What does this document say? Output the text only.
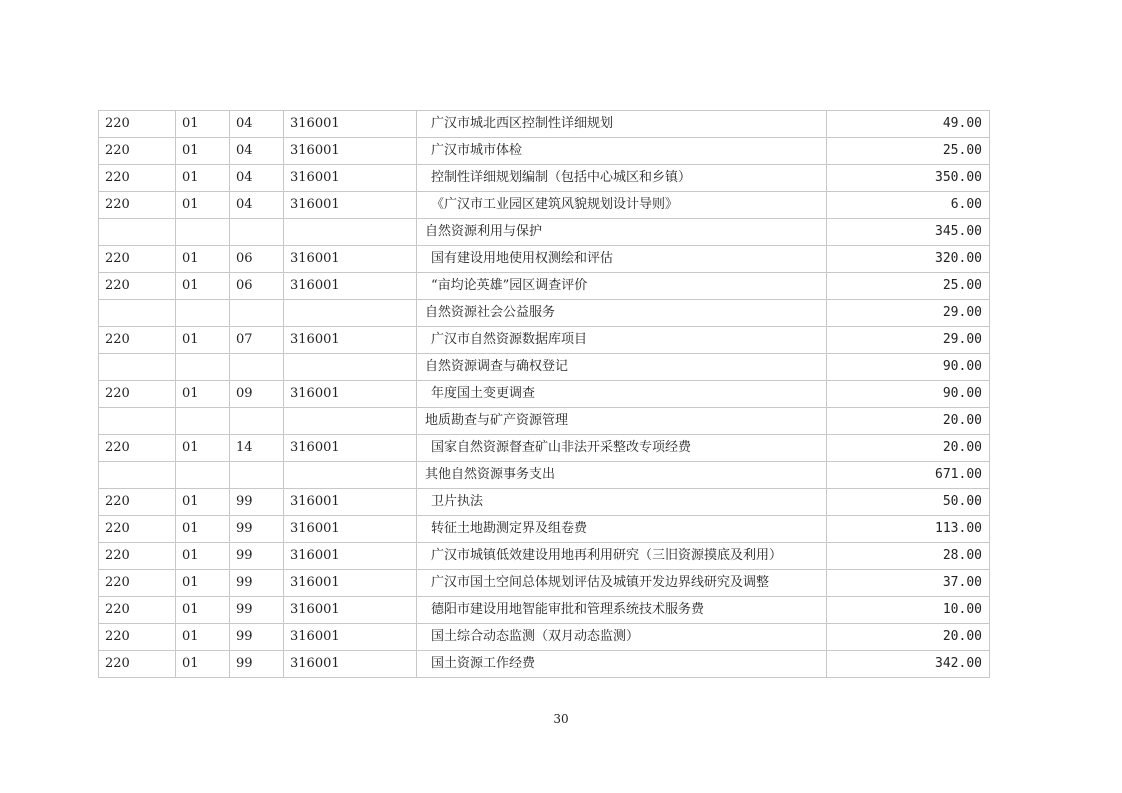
220	01	04	316001	广汉市城北西区控制性详细规划	49.00
220	01	04	316001	广汉市城市体检	25.00
220	01	04	316001	控制性详细规划编制（包括中心城区和乡镇）	350.00
220	01	04	316001	《广汉市工业园区建筑风貌规划设计导则》	6.00
				自然资源利用与保护	345.00
220	01	06	316001	国有建设用地使用权测绘和评估	320.00
220	01	06	316001	“亩均论英雄”园区调查评价	25.00
				自然资源社会公益服务	29.00
220	01	07	316001	广汉市自然资源数据库项目	29.00
				自然资源调查与确权登记	90.00
220	01	09	316001	年度国土变更调查	90.00
				地质勘查与矿产资源管理	20.00
220	01	14	316001	国家自然资源督查矿山非法开采整改专项经费	20.00
				其他自然资源事务支出	671.00
220	01	99	316001	卫片执法	50.00
220	01	99	316001	转征土地勘测定界及组卷费	113.00
220	01	99	316001	广汉市城镇低效建设用地再利用研究（三旧资源摸底及利用）	28.00
220	01	99	316001	广汉市国土空间总体规划评估及城镇开发边界线研究及调整	37.00
220	01	99	316001	德阳市建设用地智能审批和管理系统技术服务费	10.00
220	01	99	316001	国土综合动态监测（双月动态监测）	20.00
220	01	99	316001	国土资源工作经费	342.00
30
